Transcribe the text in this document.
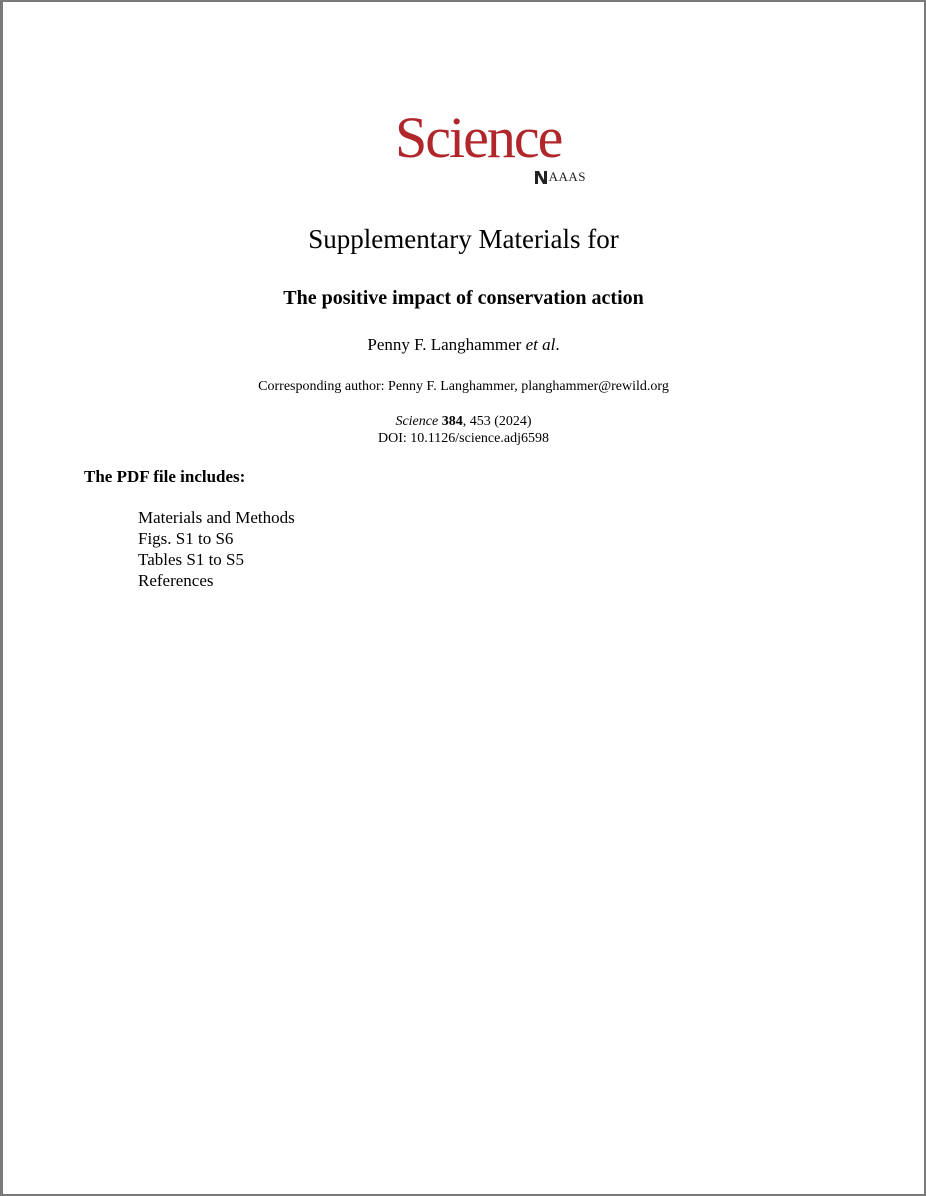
Science
AAAS
Supplementary Materials for
The positive impact of conservation action
Penny F. Langhammer et al.
Corresponding author: Penny F. Langhammer, planghammer@rewild.org
Science 384, 453 (2024)
DOI: 10.1126/science.adj6598
The PDF file includes:
Materials and Methods
Figs. S1 to S6
Tables S1 to S5
References
